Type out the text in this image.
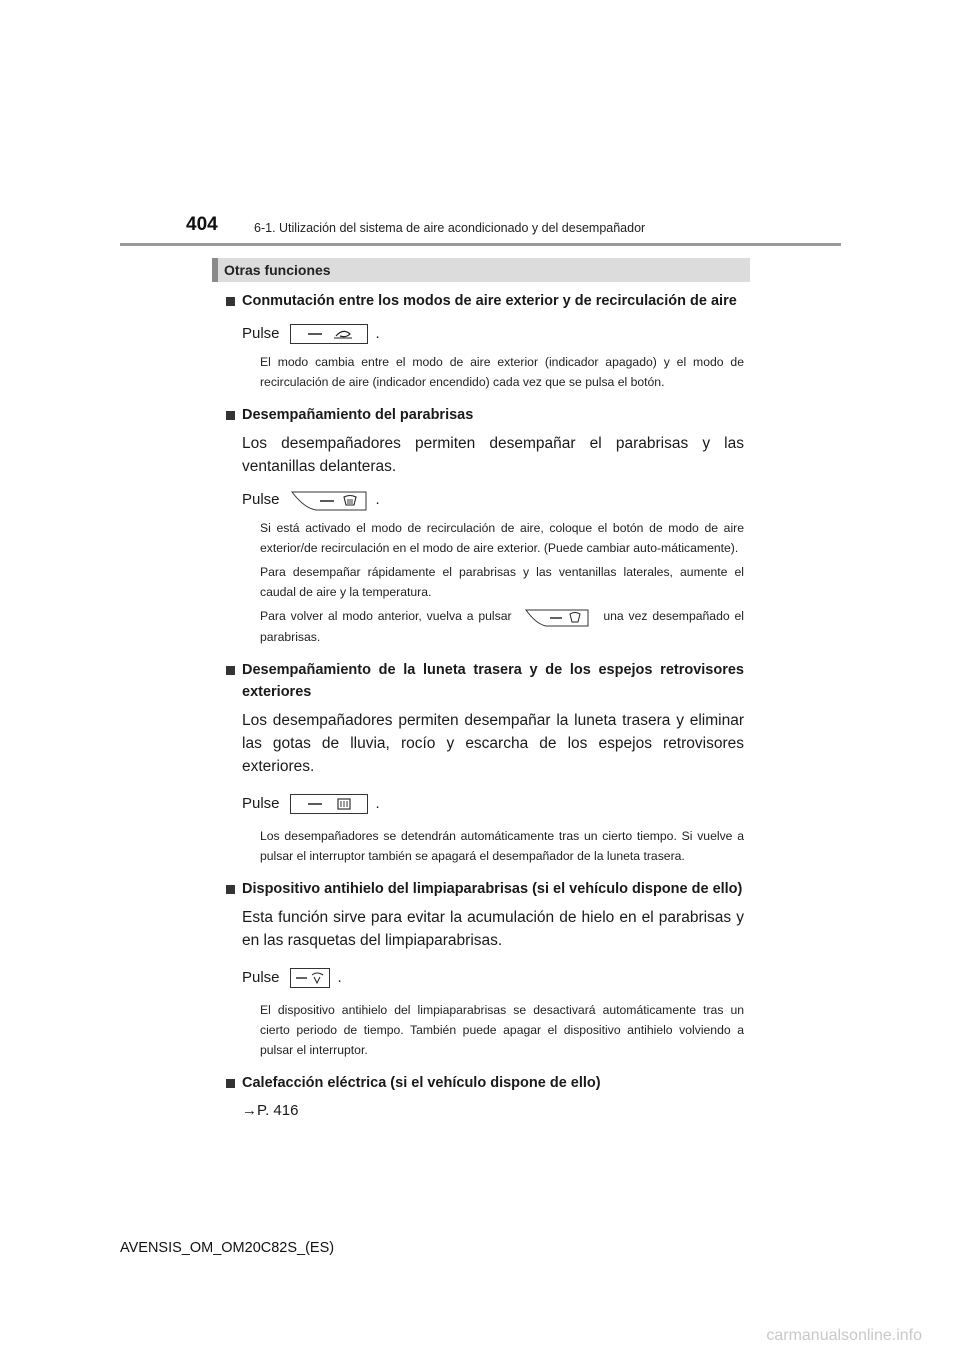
404	6-1. Utilización del sistema de aire acondicionado y del desempañador
Otras funciones

Conmutación entre los modos de aire exterior y de recirculación de aire

Pulse	.

El modo cambia entre el modo de aire exterior (indicador apagado) y el modo de recirculación de aire (indicador encendido) cada vez que se pulsa el botón.

Desempañamiento del parabrisas

Los desempañadores permiten desempañar el parabrisas y las ventanillas delanteras.

Pulse	.

Si está activado el modo de recirculación de aire, coloque el botón de modo de aire exterior/de recirculación en el modo de aire exterior. (Puede cambiar auto-máticamente).

Para desempañar rápidamente el parabrisas y las ventanillas laterales, aumente el caudal de aire y la temperatura.

Para volver al modo anterior, vuelva a pulsar	una vez desempañado el parabrisas.

Desempañamiento de la luneta trasera y de los espejos retrovisores exteriores

Los desempañadores permiten desempañar la luneta trasera y eliminar las gotas de lluvia, rocío y escarcha de los espejos retrovisores exteriores.

Pulse	.

Los desempañadores se detendrán automáticamente tras un cierto tiempo. Si vuelve a pulsar el interruptor también se apagará el desempañador de la luneta trasera.

Dispositivo antihielo del limpiaparabrisas (si el vehículo dispone de ello)

Esta función sirve para evitar la acumulación de hielo en el parabrisas y en las rasquetas del limpiaparabrisas.

Pulse	.

El dispositivo antihielo del limpiaparabrisas se desactivará automáticamente tras un cierto periodo de tiempo. También puede apagar el dispositivo antihielo volviendo a pulsar el interruptor.

Calefacción eléctrica (si el vehículo dispone de ello)

→P. 416

AVENSIS_OM_OM20C82S_(ES)
carmanualsonline.info
